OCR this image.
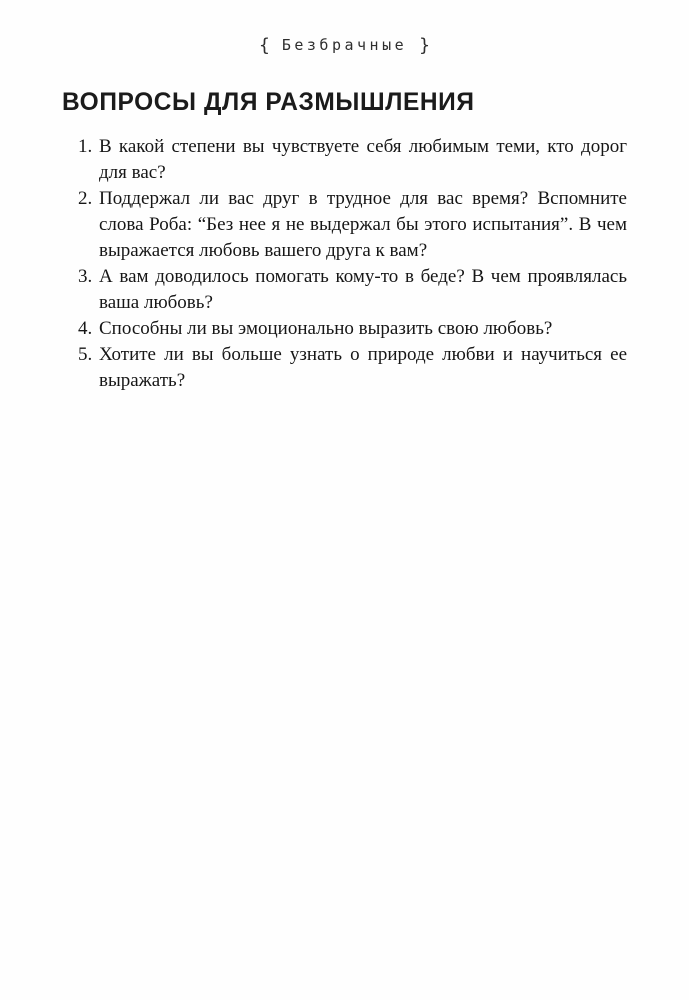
{ Безбрачные }
ВОПРОСЫ ДЛЯ РАЗМЫШЛЕНИЯ
1. В какой степени вы чувствуете себя любимым теми, кто дорог для вас?
2. Поддержал ли вас друг в трудное для вас время? Вспомните слова Роба: “Без нее я не выдержал бы этого испытания”. В чем выражается любовь вашего друга к вам?
3. А вам доводилось помогать кому-то в беде? В чем проявлялась ваша любовь?
4. Способны ли вы эмоционально выразить свою любовь?
5. Хотите ли вы больше узнать о природе любви и научиться ее выражать?
